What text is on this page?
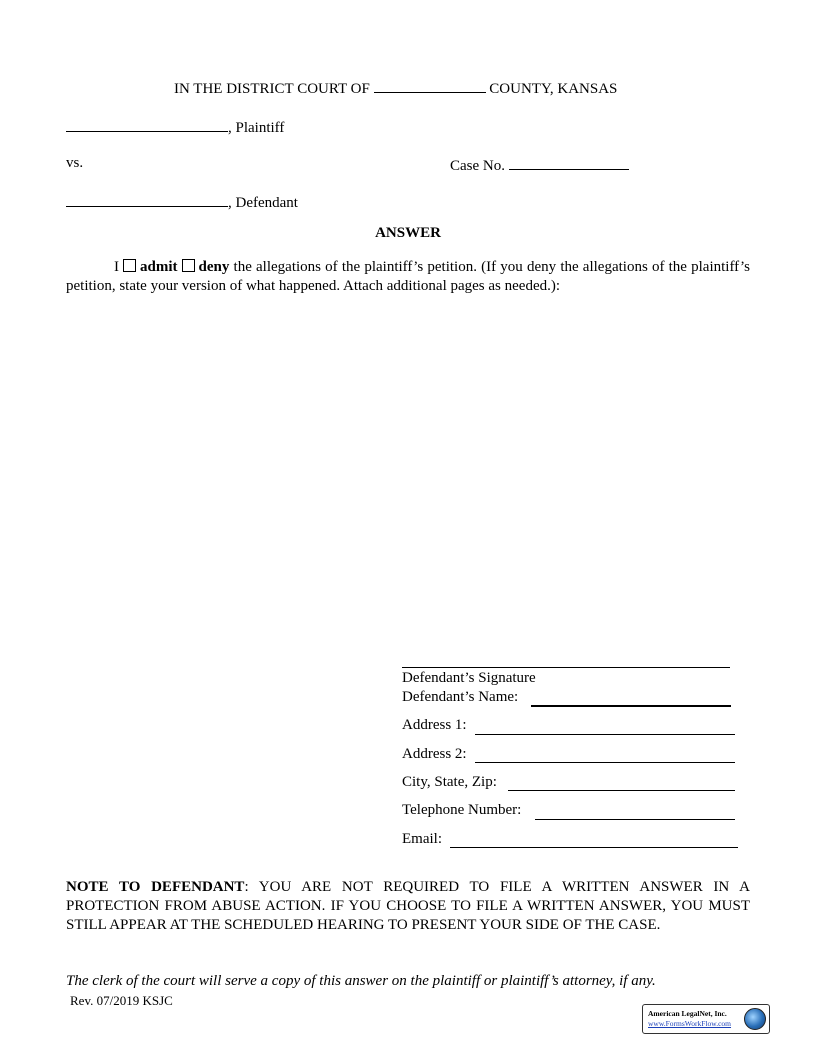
IN THE DISTRICT COURT OF	COUNTY, KANSAS
, Plaintiff
vs.	Case No.
, Defendant
ANSWER
I admit deny the allegations of the plaintiff’s petition. (If you deny the allegations of the plaintiff’s petition, state your version of what happened. Attach additional pages as needed.):
Defendant’s Signature
Defendant’s Name:
Address 1:
Address 2:
City, State, Zip:
Telephone Number:
Email:
NOTE TO DEFENDANT: YOU ARE NOT REQUIRED TO FILE A WRITTEN ANSWER IN A PROTECTION FROM ABUSE ACTION. IF YOU CHOOSE TO FILE A WRITTEN ANSWER, YOU MUST STILL APPEAR AT THE SCHEDULED HEARING TO PRESENT YOUR SIDE OF THE CASE.
The clerk of the court will serve a copy of this answer on the plaintiff or plaintiff’s attorney, if any.
Rev. 07/2019 KSJC
American LegalNet, Inc.
www.FormsWorkFlow.com
